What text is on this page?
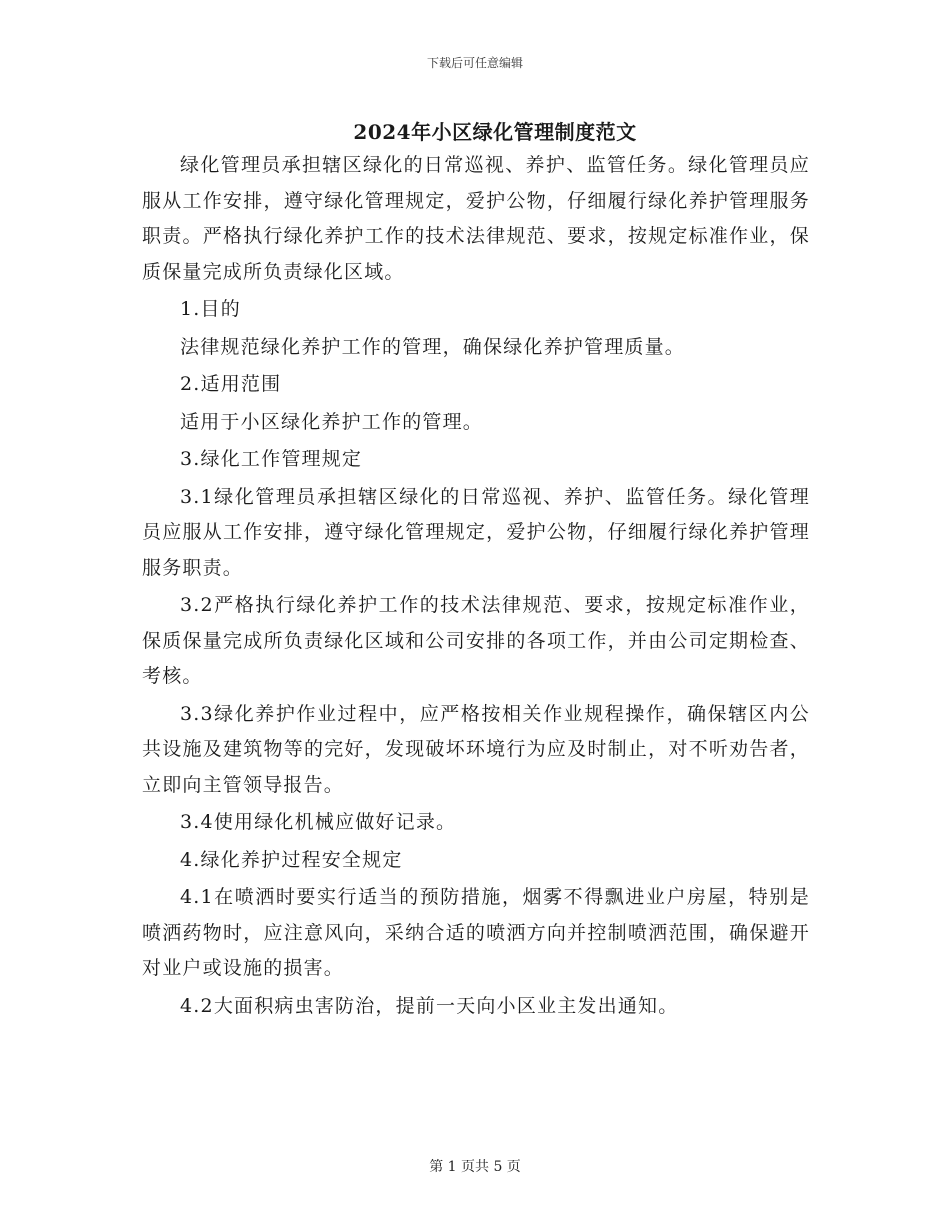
下载后可任意编辑
2024年小区绿化管理制度范文

绿化管理员承担辖区绿化的日常巡视、养护、监管任务。绿化管理员应服从工作安排，遵守绿化管理规定，爱护公物，仔细履行绿化养护管理服务职责。严格执行绿化养护工作的技术法律规范、要求，按规定标准作业，保质保量完成所负责绿化区域。

1.目的

法律规范绿化养护工作的管理，确保绿化养护管理质量。

2.适用范围

适用于小区绿化养护工作的管理。

3.绿化工作管理规定

3.1绿化管理员承担辖区绿化的日常巡视、养护、监管任务。绿化管理员应服从工作安排，遵守绿化管理规定，爱护公物，仔细履行绿化养护管理服务职责。

3.2严格执行绿化养护工作的技术法律规范、要求，按规定标准作业，保质保量完成所负责绿化区域和公司安排的各项工作，并由公司定期检查、考核。

3.3绿化养护作业过程中，应严格按相关作业规程操作，确保辖区内公共设施及建筑物等的完好，发现破坏环境行为应及时制止，对不听劝告者，立即向主管领导报告。

3.4使用绿化机械应做好记录。

4.绿化养护过程安全规定

4.1在喷洒时要实行适当的预防措施，烟雾不得飘进业户房屋，特别是喷洒药物时，应注意风向，采纳合适的喷洒方向并控制喷洒范围，确保避开对业户或设施的损害。

4.2大面积病虫害防治，提前一天向小区业主发出通知。

第 1 页共 5 页
